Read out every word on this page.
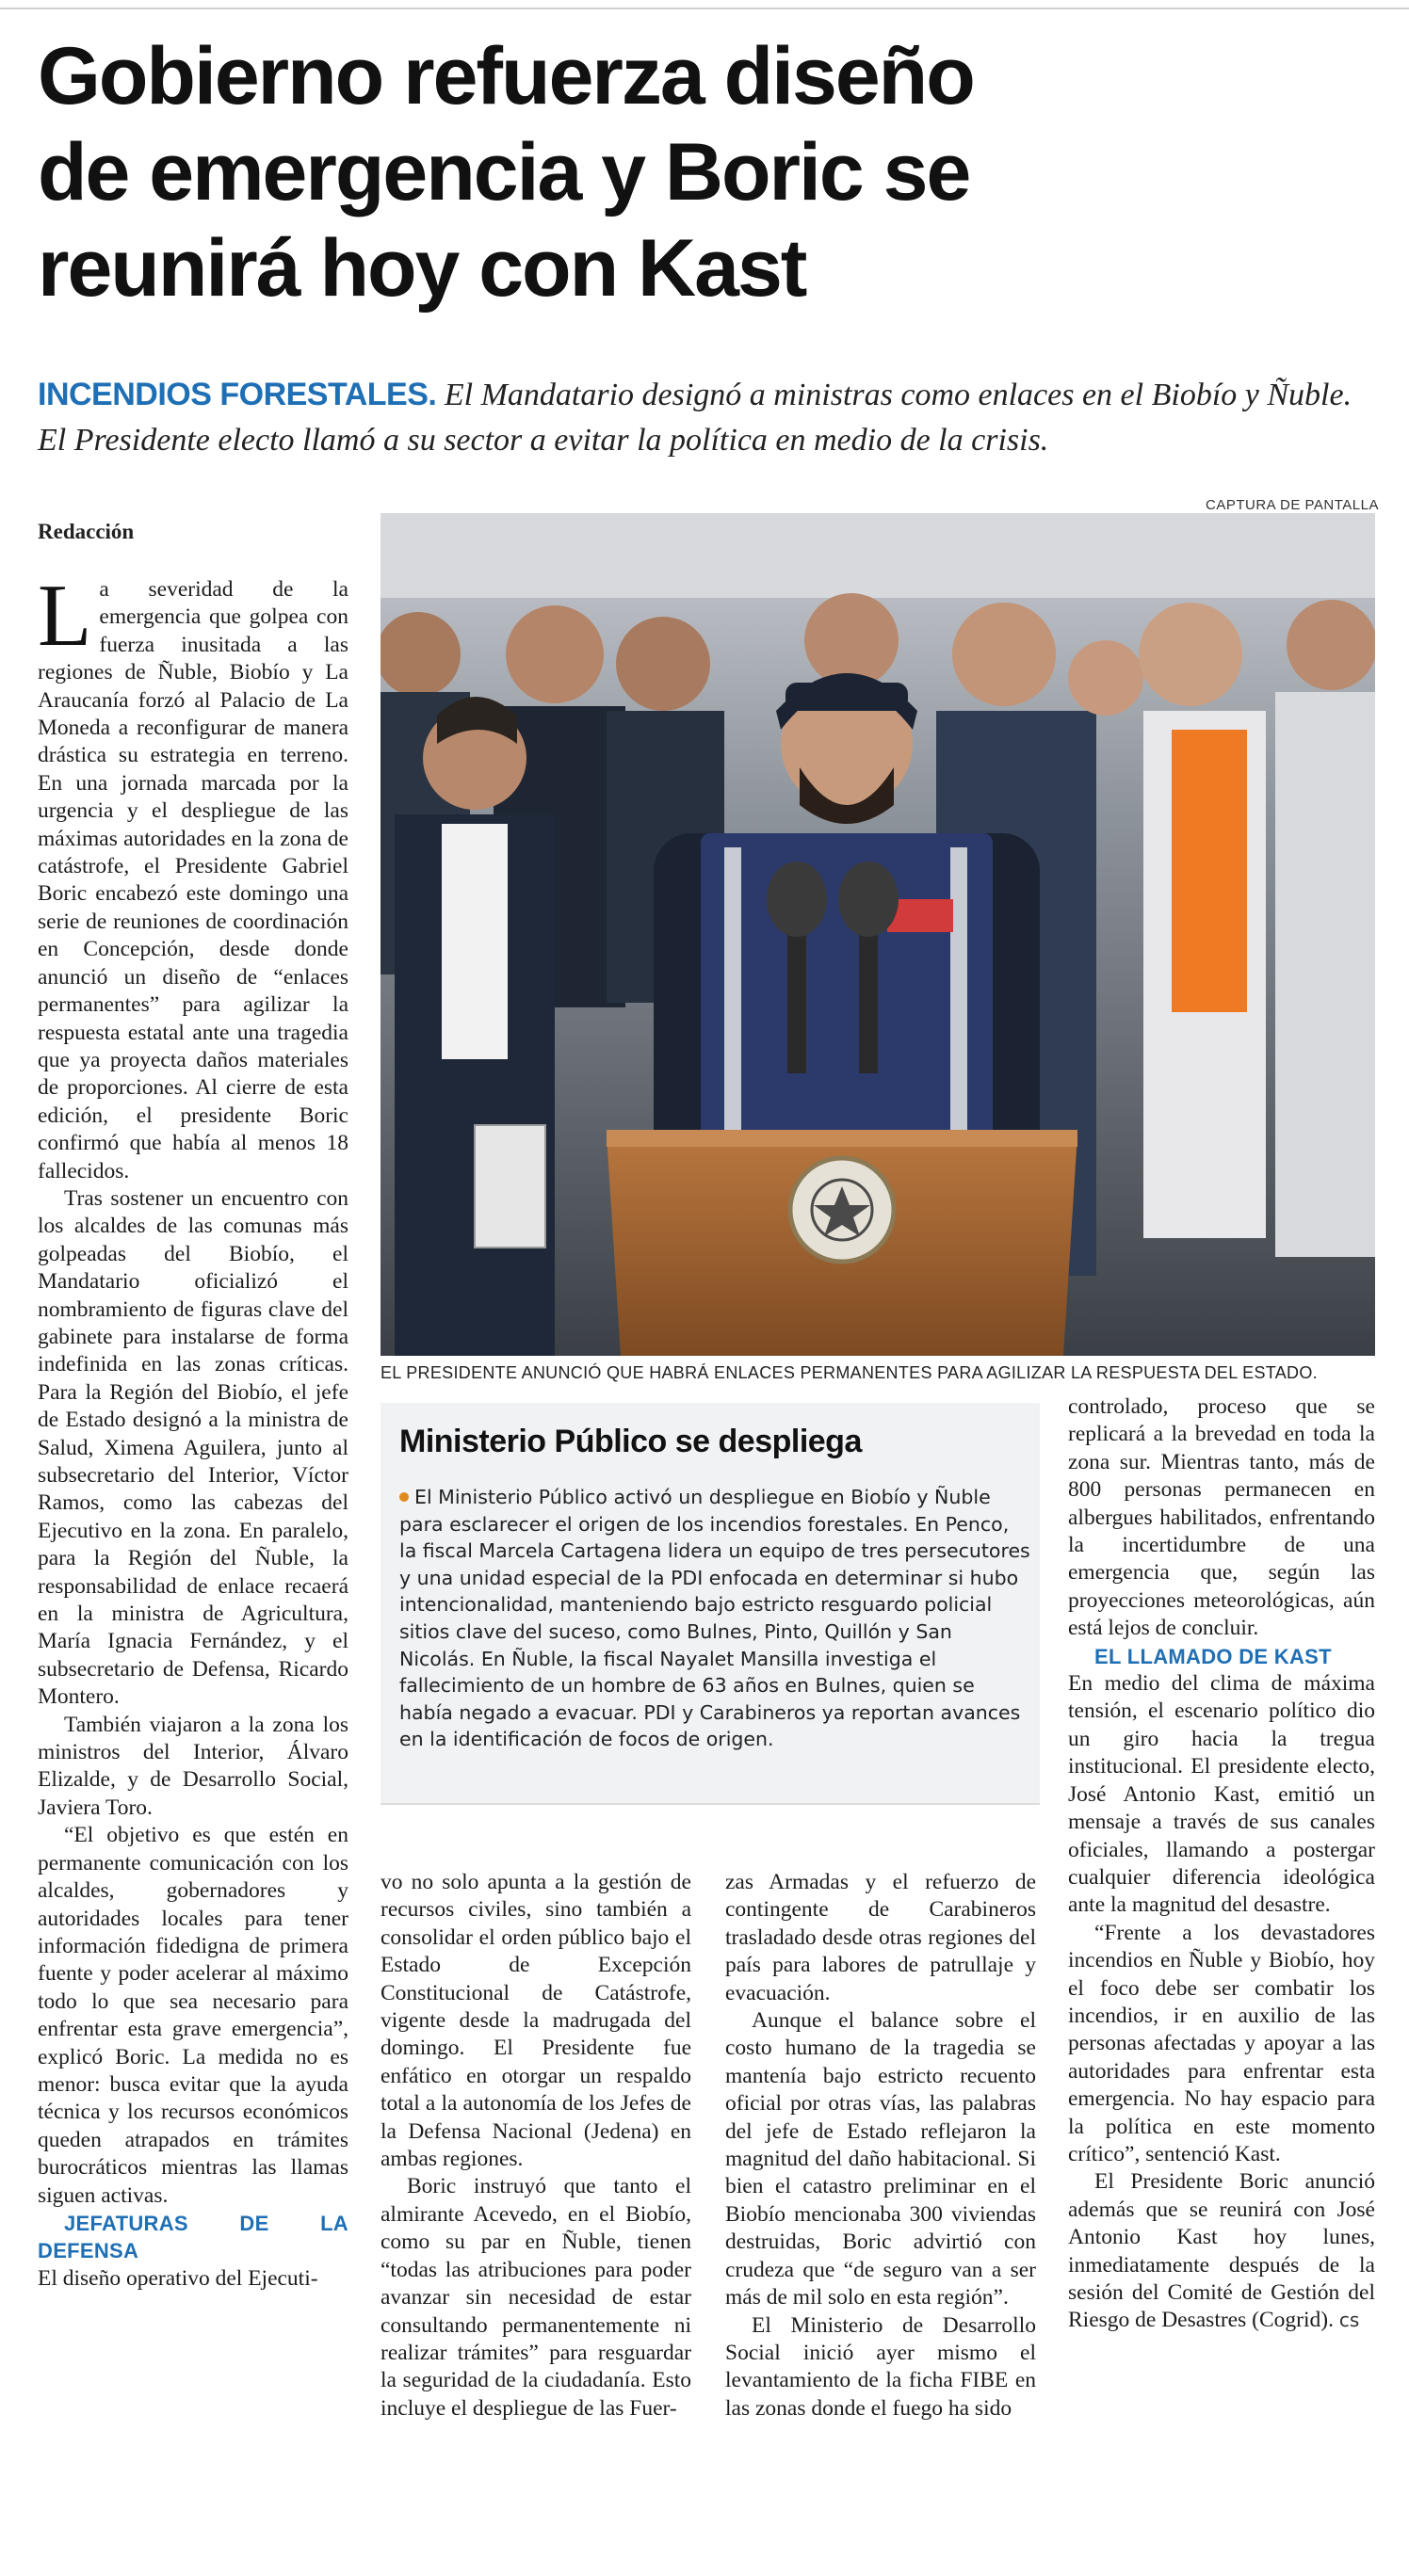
Gobierno refuerza diseño
de emergencia y Boric se
reunirá hoy con Kast
INCENDIOS FORESTALES. El Mandatario designó a ministras como enlaces en el Biobío y Ñuble. El Presidente electo llamó a su sector a evitar la política en medio de la crisis.
CAPTURA DE PANTALLA
Redacción

La severidad de la emergencia que golpea con fuerza inusitada a las regiones de Ñuble, Biobío y La Araucanía forzó al Palacio de La Moneda a reconfigurar de manera drástica su estrategia en terreno. En una jornada marcada por la urgencia y el despliegue de las máximas autoridades en la zona de catástrofe, el Presidente Gabriel Boric encabezó este domingo una serie de reuniones de coordinación en Concepción, desde donde anunció un diseño de “enlaces permanentes” para agilizar la respuesta estatal ante una tragedia que ya proyecta daños materiales de proporciones. Al cierre de esta edición, el presidente Boric confirmó que había al menos 18 fallecidos.

Tras sostener un encuentro con los alcaldes de las comunas más golpeadas del Biobío, el Mandatario oficializó el nombramiento de figuras clave del gabinete para instalarse de forma indefinida en las zonas críticas. Para la Región del Biobío, el jefe de Estado designó a la ministra de Salud, Ximena Aguilera, junto al subsecretario del Interior, Víctor Ramos, como las cabezas del Ejecutivo en la zona. En paralelo, para la Región del Ñuble, la responsabilidad de enlace recaerá en la ministra de Agricultura, María Ignacia Fernández, y el subsecretario de Defensa, Ricardo Montero.

También viajaron a la zona los ministros del Interior, Álvaro Elizalde, y de Desarrollo Social, Javiera Toro.

“El objetivo es que estén en permanente comunicación con los alcaldes, gobernadores y autoridades locales para tener información fidedigna de primera fuente y poder acelerar al máximo todo lo que sea necesario para enfrentar esta grave emergencia”, explicó Boric. La medida no es menor: busca evitar que la ayuda técnica y los recursos económicos queden atrapados en trámites burocráticos mientras las llamas siguen activas.

JEFATURAS DE LA DEFENSA

El diseño operativo del Ejecuti-

EL PRESIDENTE ANUNCIÓ QUE HABRÁ ENLACES PERMANENTES PARA AGILIZAR LA RESPUESTA DEL ESTADO.
Ministerio Público se despliega
El Ministerio Público activó un despliegue en Biobío y Ñuble para esclarecer el origen de los incendios forestales. En Penco, la fiscal Marcela Cartagena lidera un equipo de tres persecutores y una unidad especial de la PDI enfocada en determinar si hubo intencionalidad, manteniendo bajo estricto resguardo policial sitios clave del suceso, como Bulnes, Pinto, Quillón y San Nicolás. En Ñuble, la fiscal Nayalet Mansilla investiga el fallecimiento de un hombre de 63 años en Bulnes, quien se había negado a evacuar. PDI y Carabineros ya reportan avances en la identificación de focos de origen.

vo no solo apunta a la gestión de recursos civiles, sino también a consolidar el orden público bajo el Estado de Excepción Constitucional de Catástrofe, vigente desde la madrugada del domingo. El Presidente fue enfático en otorgar un respaldo total a la autonomía de los Jefes de la Defensa Nacional (Jedena) en ambas regiones.

Boric instruyó que tanto el almirante Acevedo, en el Biobío, como su par en Ñuble, tienen “todas las atribuciones para poder avanzar sin necesidad de estar consultando permanentemente ni realizar trámites” para resguardar la seguridad de la ciudadanía. Esto incluye el despliegue de las Fuer-

zas Armadas y el refuerzo de contingente de Carabineros trasladado desde otras regiones del país para labores de patrullaje y evacuación.

Aunque el balance sobre el costo humano de la tragedia se mantenía bajo estricto recuento oficial por otras vías, las palabras del jefe de Estado reflejaron la magnitud del daño habitacional. Si bien el catastro preliminar en el Biobío mencionaba 300 viviendas destruidas, Boric advirtió con crudeza que “de seguro van a ser más de mil solo en esta región”.

El Ministerio de Desarrollo Social inició ayer mismo el levantamiento de la ficha FIBE en las zonas donde el fuego ha sido

controlado, proceso que se replicará a la brevedad en toda la zona sur. Mientras tanto, más de 800 personas permanecen en albergues habilitados, enfrentando la incertidumbre de una emergencia que, según las proyecciones meteorológicas, aún está lejos de concluir.

EL LLAMADO DE KAST

En medio del clima de máxima tensión, el escenario político dio un giro hacia la tregua institucional. El presidente electo, José Antonio Kast, emitió un mensaje a través de sus canales oficiales, llamando a postergar cualquier diferencia ideológica ante la magnitud del desastre.

“Frente a los devastadores incendios en Ñuble y Biobío, hoy el foco debe ser combatir los incendios, ir en auxilio de las personas afectadas y apoyar a las autoridades para enfrentar esta emergencia. No hay espacio para la política en este momento crítico”, sentenció Kast.

El Presidente Boric anunció además que se reunirá con José Antonio Kast hoy lunes, inmediatamente después de la sesión del Comité de Gestión del Riesgo de Desastres (Cogrid). cs
